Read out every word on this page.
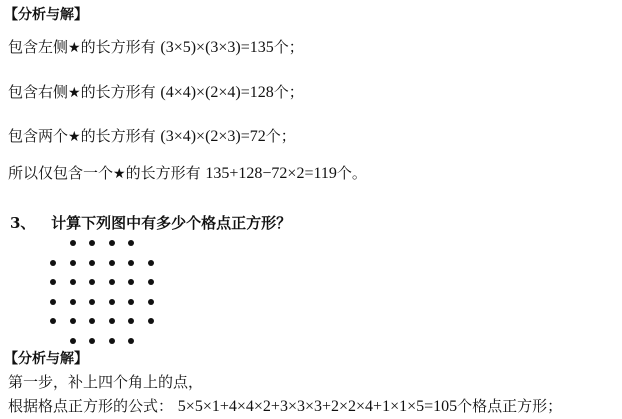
【分析与解】
包含左侧★的长方形有 (3×5)×(3×3)=135个；
包含右侧★的长方形有 (4×4)×(2×4)=128个；
包含两个★的长方形有 (3×4)×(2×3)=72个；
所以仅包含一个★的长方形有 135+128−72×2=119个。
3、 计算下列图中有多少个格点正方形？
【分析与解】
第一步，补上四个角上的点，
根据格点正方形的公式： 5×5×1+4×4×2+3×3×3+2×2×4+1×1×5=105个格点正方形；
